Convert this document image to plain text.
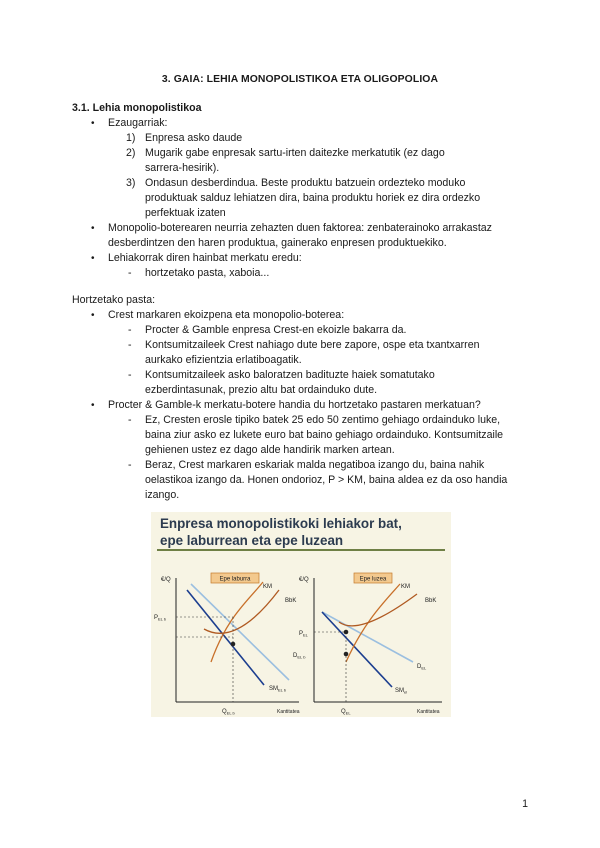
3. GAIA: LEHIA MONOPOLISTIKOA ETA OLIGOPOLIOA
3.1. Lehia monopolistikoa
• Ezaugarriak:
1) Enpresa asko daude
2) Mugarik gabe enpresak sartu-irten daitezke merkatutik (ez dago
sarrera-hesirik).
3) Ondasun desberdindua. Beste produktu batzuein ordezteko moduko
produktuak salduz lehiatzen dira, baina produktu horiek ez dira ordezko
perfektuak izaten
• Monopolio-boterearen neurria zehazten duen faktorea: zenbaterainoko arrakastaz
desberdintzen den haren produktua, gainerako enpresen produktuekiko.
• Lehiakorrak diren hainbat merkatu eredu:
- hortzetako pasta, xaboia...
Hortzetako pasta:
• Crest markaren ekoizpena eta monopolio-boterea:
- Procter & Gamble enpresa Crest-en ekoizle bakarra da.
- Kontsumitzaileek Crest nahiago dute bere zapore, ospe eta txantxarren
aurkako efizientzia erlatiboagatik.
- Kontsumitzaileek asko baloratzen badituzte haiek somatutako
ezberdintasunak, prezio altu bat ordainduko dute.
• Procter & Gamble-k merkatu-botere handia du hortzetako pastaren merkatuan?
- Ez, Cresten erosle tipiko batek 25 edo 50 zentimo gehiago ordainduko luke,
baina ziur asko ez lukete euro bat baino gehiago ordainduko. Kontsumitzaile
gehienen ustez ez dago alde handirik marken artean.
- Beraz, Crest markaren eskariak malda negatiboa izango du, baina nahik
oelastikoa izango da. Honen ondorioz, P > KM, baina aldea ez da oso handia
izango.
Enpresa monopolistikoki lehiakor bat,
epe laburrean eta epe luzean
€/Q	Epe laburra
KM
BbK
$P_{EL b}$
$D_{EL b}$
$SM_{EL b}$
$Q_{EL b}$	Kantitatea
€/Q	Epe luzea
KM
BbK
$P_{EL}$
$D_{EL}$
$SM_{el}$
$Q_{EL}$	Kantitatea
1
